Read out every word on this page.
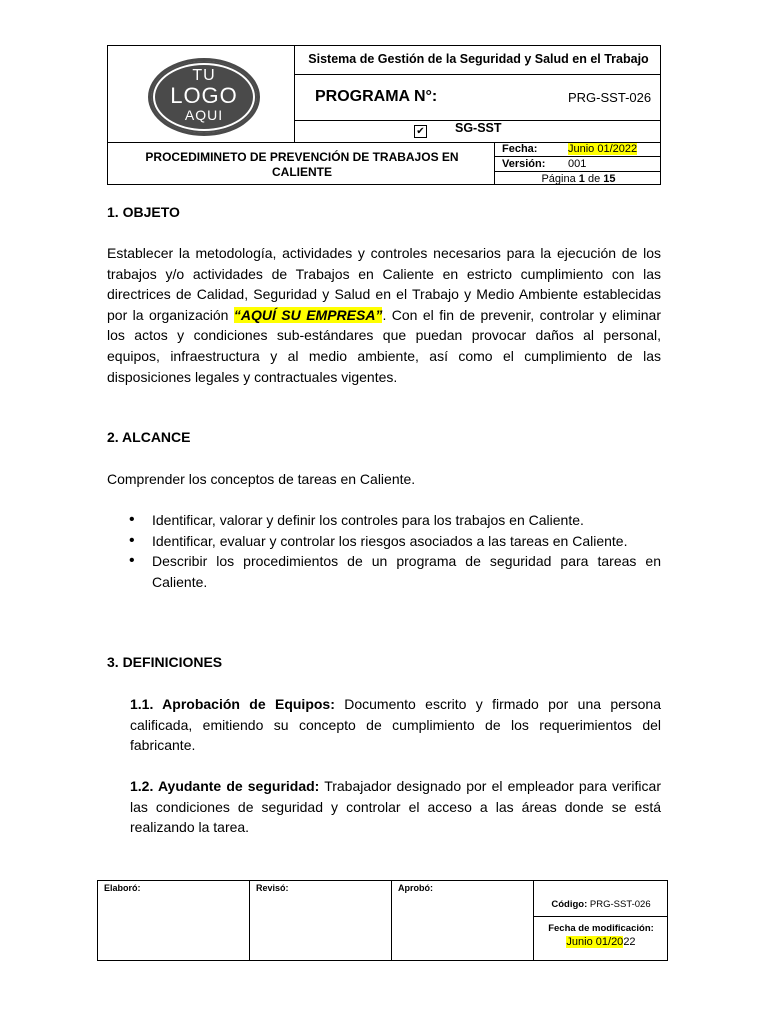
TU
LOGO
AQUI
Sistema de Gestión de la Seguridad y Salud en el Trabajo
PROGRAMA N°:	PRG-SST-026
✔ SG-SST
PROCEDIMINETO DE PREVENCIÓN DE TRABAJOS EN CALIENTE
Fecha:	Junio 01/2022
Versión: 001
Página 1 de 15
1. OBJETO
Establecer la metodología, actividades y controles necesarios para la ejecución de los trabajos y/o actividades de Trabajos en Caliente en estricto cumplimiento con las directrices de Calidad, Seguridad y Salud en el Trabajo y Medio Ambiente establecidas por la organización “AQUÍ SU EMPRESA”. Con el fin de prevenir, controlar y eliminar los actos y condiciones sub-estándares que puedan provocar daños al personal, equipos, infraestructura y al medio ambiente, así como el cumplimiento de las disposiciones legales y contractuales vigentes.
2. ALCANCE
Comprender los conceptos de tareas en Caliente.
• Identificar, valorar y definir los controles para los trabajos en Caliente.
• Identificar, evaluar y controlar los riesgos asociados a las tareas en Caliente.
• Describir los procedimientos de un programa de seguridad para tareas en Caliente.
3. DEFINICIONES
1.1. Aprobación de Equipos: Documento escrito y firmado por una persona calificada, emitiendo su concepto de cumplimiento de los requerimientos del fabricante.
1.2. Ayudante de seguridad: Trabajador designado por el empleador para verificar las condiciones de seguridad y controlar el acceso a las áreas donde se está realizando la tarea.
Elaboró:	Revisó:	Aprobó:
Código: PRG-SST-026
Fecha de modificación:
Junio 01/2022
